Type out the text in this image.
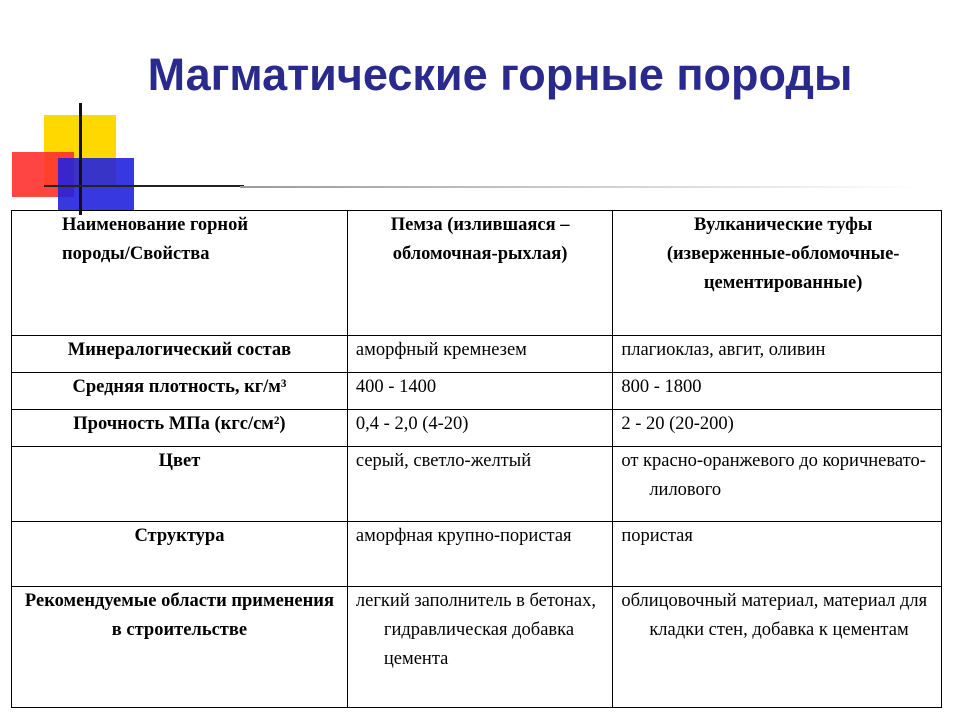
Магматические горные породы
Наименование горной породы/Свойства	Пемза (излившаяся – обломочная-рыхлая)	Вулканические туфы (изверженные-обломочные-цементированные)
Минералогический состав	аморфный кремнезем	плагиоклаз, авгит, оливин
Средняя плотность, кг/м³	400 - 1400	800 - 1800
Прочность МПа (кгс/см²)	0,4 - 2,0 (4-20)	2 - 20 (20-200)
Цвет	серый, светло-желтый	от красно-оранжевого до коричневато-лилового
Структура	аморфная крупно-пористая	пористая
Рекомендуемые области применения в строительстве	легкий заполнитель в бетонах, гидравлическая добавка цемента	облицовочный материал, материал для кладки стен, добавка к цементам
